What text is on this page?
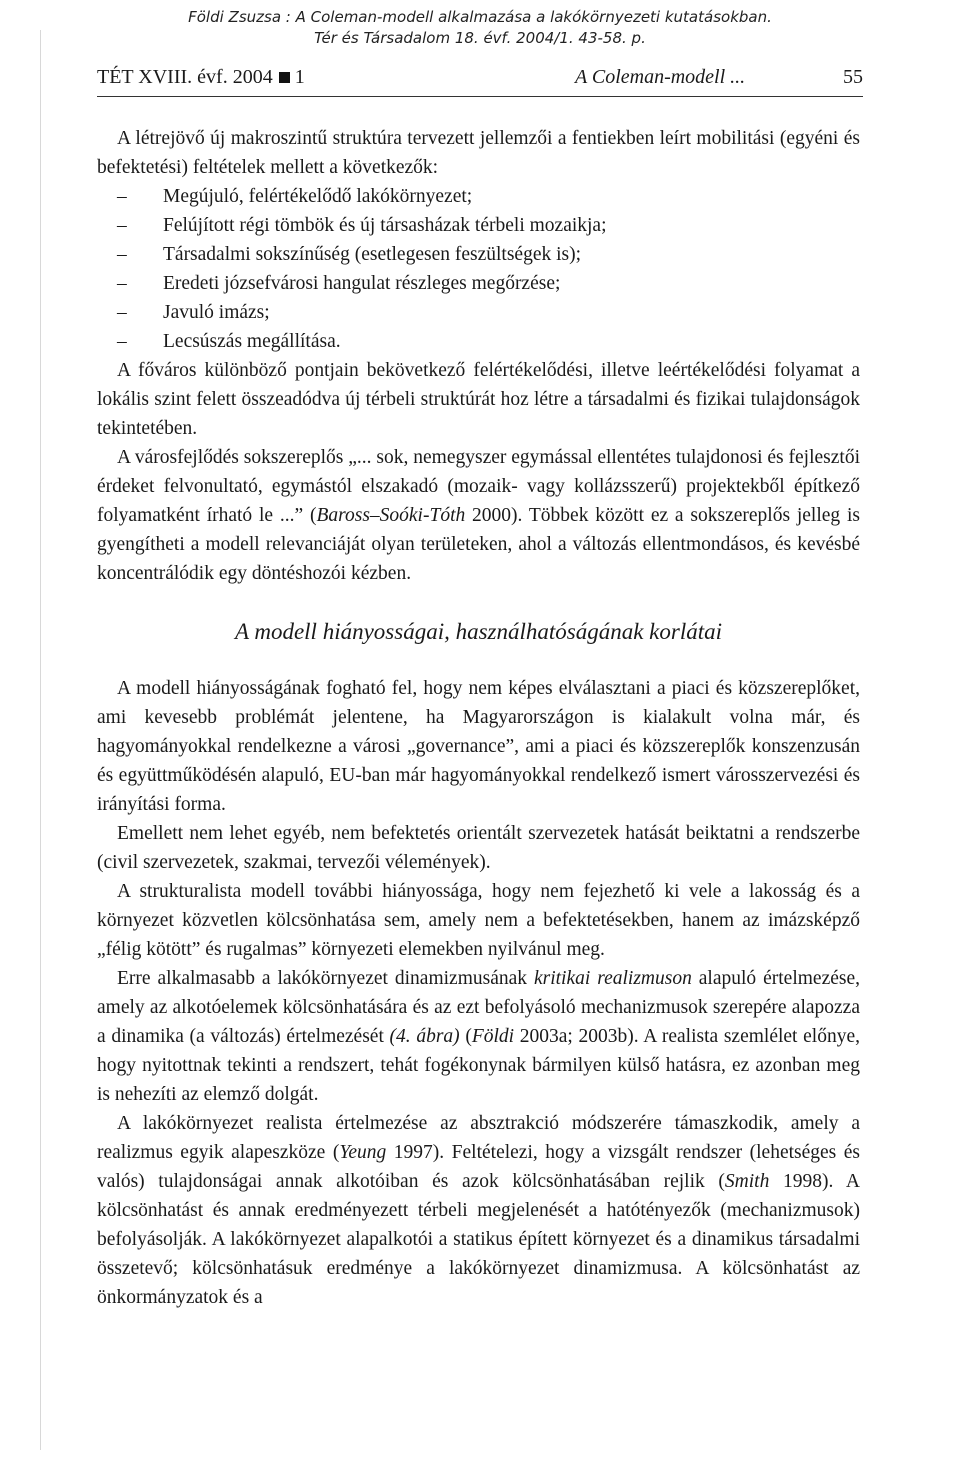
Földi Zsuzsa : A Coleman-modell alkalmazása a lakókörnyezeti kutatásokban.
Tér és Társadalom 18. évf. 2004/1. 43-58. p.
TÉT XVIII. évf. 2004 1	A Coleman-modell ...	55

A létrejövő új makroszintű struktúra tervezett jellemzői a fentiekben leírt mobilitási (egyéni és befektetési) feltételek mellett a következők:

– Megújuló, felértékelődő lakókörnyezet;
– Felújított régi tömbök és új társasházak térbeli mozaikja;
– Társadalmi sokszínűség (esetlegesen feszültségek is);
– Eredeti józsefvárosi hangulat részleges megőrzése;
– Javuló imázs;
– Lecsúszás megállítása.

A főváros különböző pontjain bekövetkező felértékelődési, illetve leértékelődési folyamat a lokális szint felett összeadódva új térbeli struktúrát hoz létre a társadalmi és fizikai tulajdonságok tekintetében.

A városfejlődés sokszereplős „... sok, nemegyszer egymással ellentétes tulajdonosi és fejlesztői érdeket felvonultató, egymástól elszakadó (mozaik- vagy kollázsszerű) projektekből építkező folyamatként írható le ...” (Baross–Soóki-Tóth 2000). Többek között ez a sokszereplős jelleg is gyengítheti a modell relevanciáját olyan területeken, ahol a változás ellentmondásos, és kevésbé koncentrálódik egy döntéshozói kézben.

A modell hiányosságai, használhatóságának korlátai

A modell hiányosságának fogható fel, hogy nem képes elválasztani a piaci és közszereplőket, ami kevesebb problémát jelentene, ha Magyarországon is kialakult volna már, és hagyományokkal rendelkezne a városi „governance”, ami a piaci és közszereplők konszenzusán és együttműködésén alapuló, EU-ban már hagyományokkal rendelkező ismert városszervezési és irányítási forma.

Emellett nem lehet egyéb, nem befektetés orientált szervezetek hatását beiktatni a rendszerbe (civil szervezetek, szakmai, tervezői vélemények).

A strukturalista modell további hiányossága, hogy nem fejezhető ki vele a lakosság és a környezet közvetlen kölcsönhatása sem, amely nem a befektetésekben, hanem az imázsképző „félig kötött” és rugalmas” környezeti elemekben nyilvánul meg.

Erre alkalmasabb a lakókörnyezet dinamizmusának kritikai realizmuson alapuló értelmezése, amely az alkotóelemek kölcsönhatására és az ezt befolyásoló mechanizmusok szerepére alapozza a dinamika (a változás) értelmezését (4. ábra) (Földi 2003a; 2003b). A realista szemlélet előnye, hogy nyitottnak tekinti a rendszert, tehát fogékonynak bármilyen külső hatásra, ez azonban meg is nehezíti az elemző dolgát.

A lakókörnyezet realista értelmezése az absztrakció módszerére támaszkodik, amely a realizmus egyik alapeszköze (Yeung 1997). Feltételezi, hogy a vizsgált rendszer (lehetséges és valós) tulajdonságai annak alkotóiban és azok kölcsönhatásában rejlik (Smith 1998). A kölcsönhatást és annak eredményezett térbeli megjelenését a hatótényezők (mechanizmusok) befolyásolják. A lakókörnyezet alapalkotói a statikus épített környezet és a dinamikus társadalmi összetevő; kölcsönhatásuk eredménye a lakókörnyezet dinamizmusa. A kölcsönhatást az önkormányzatok és a
